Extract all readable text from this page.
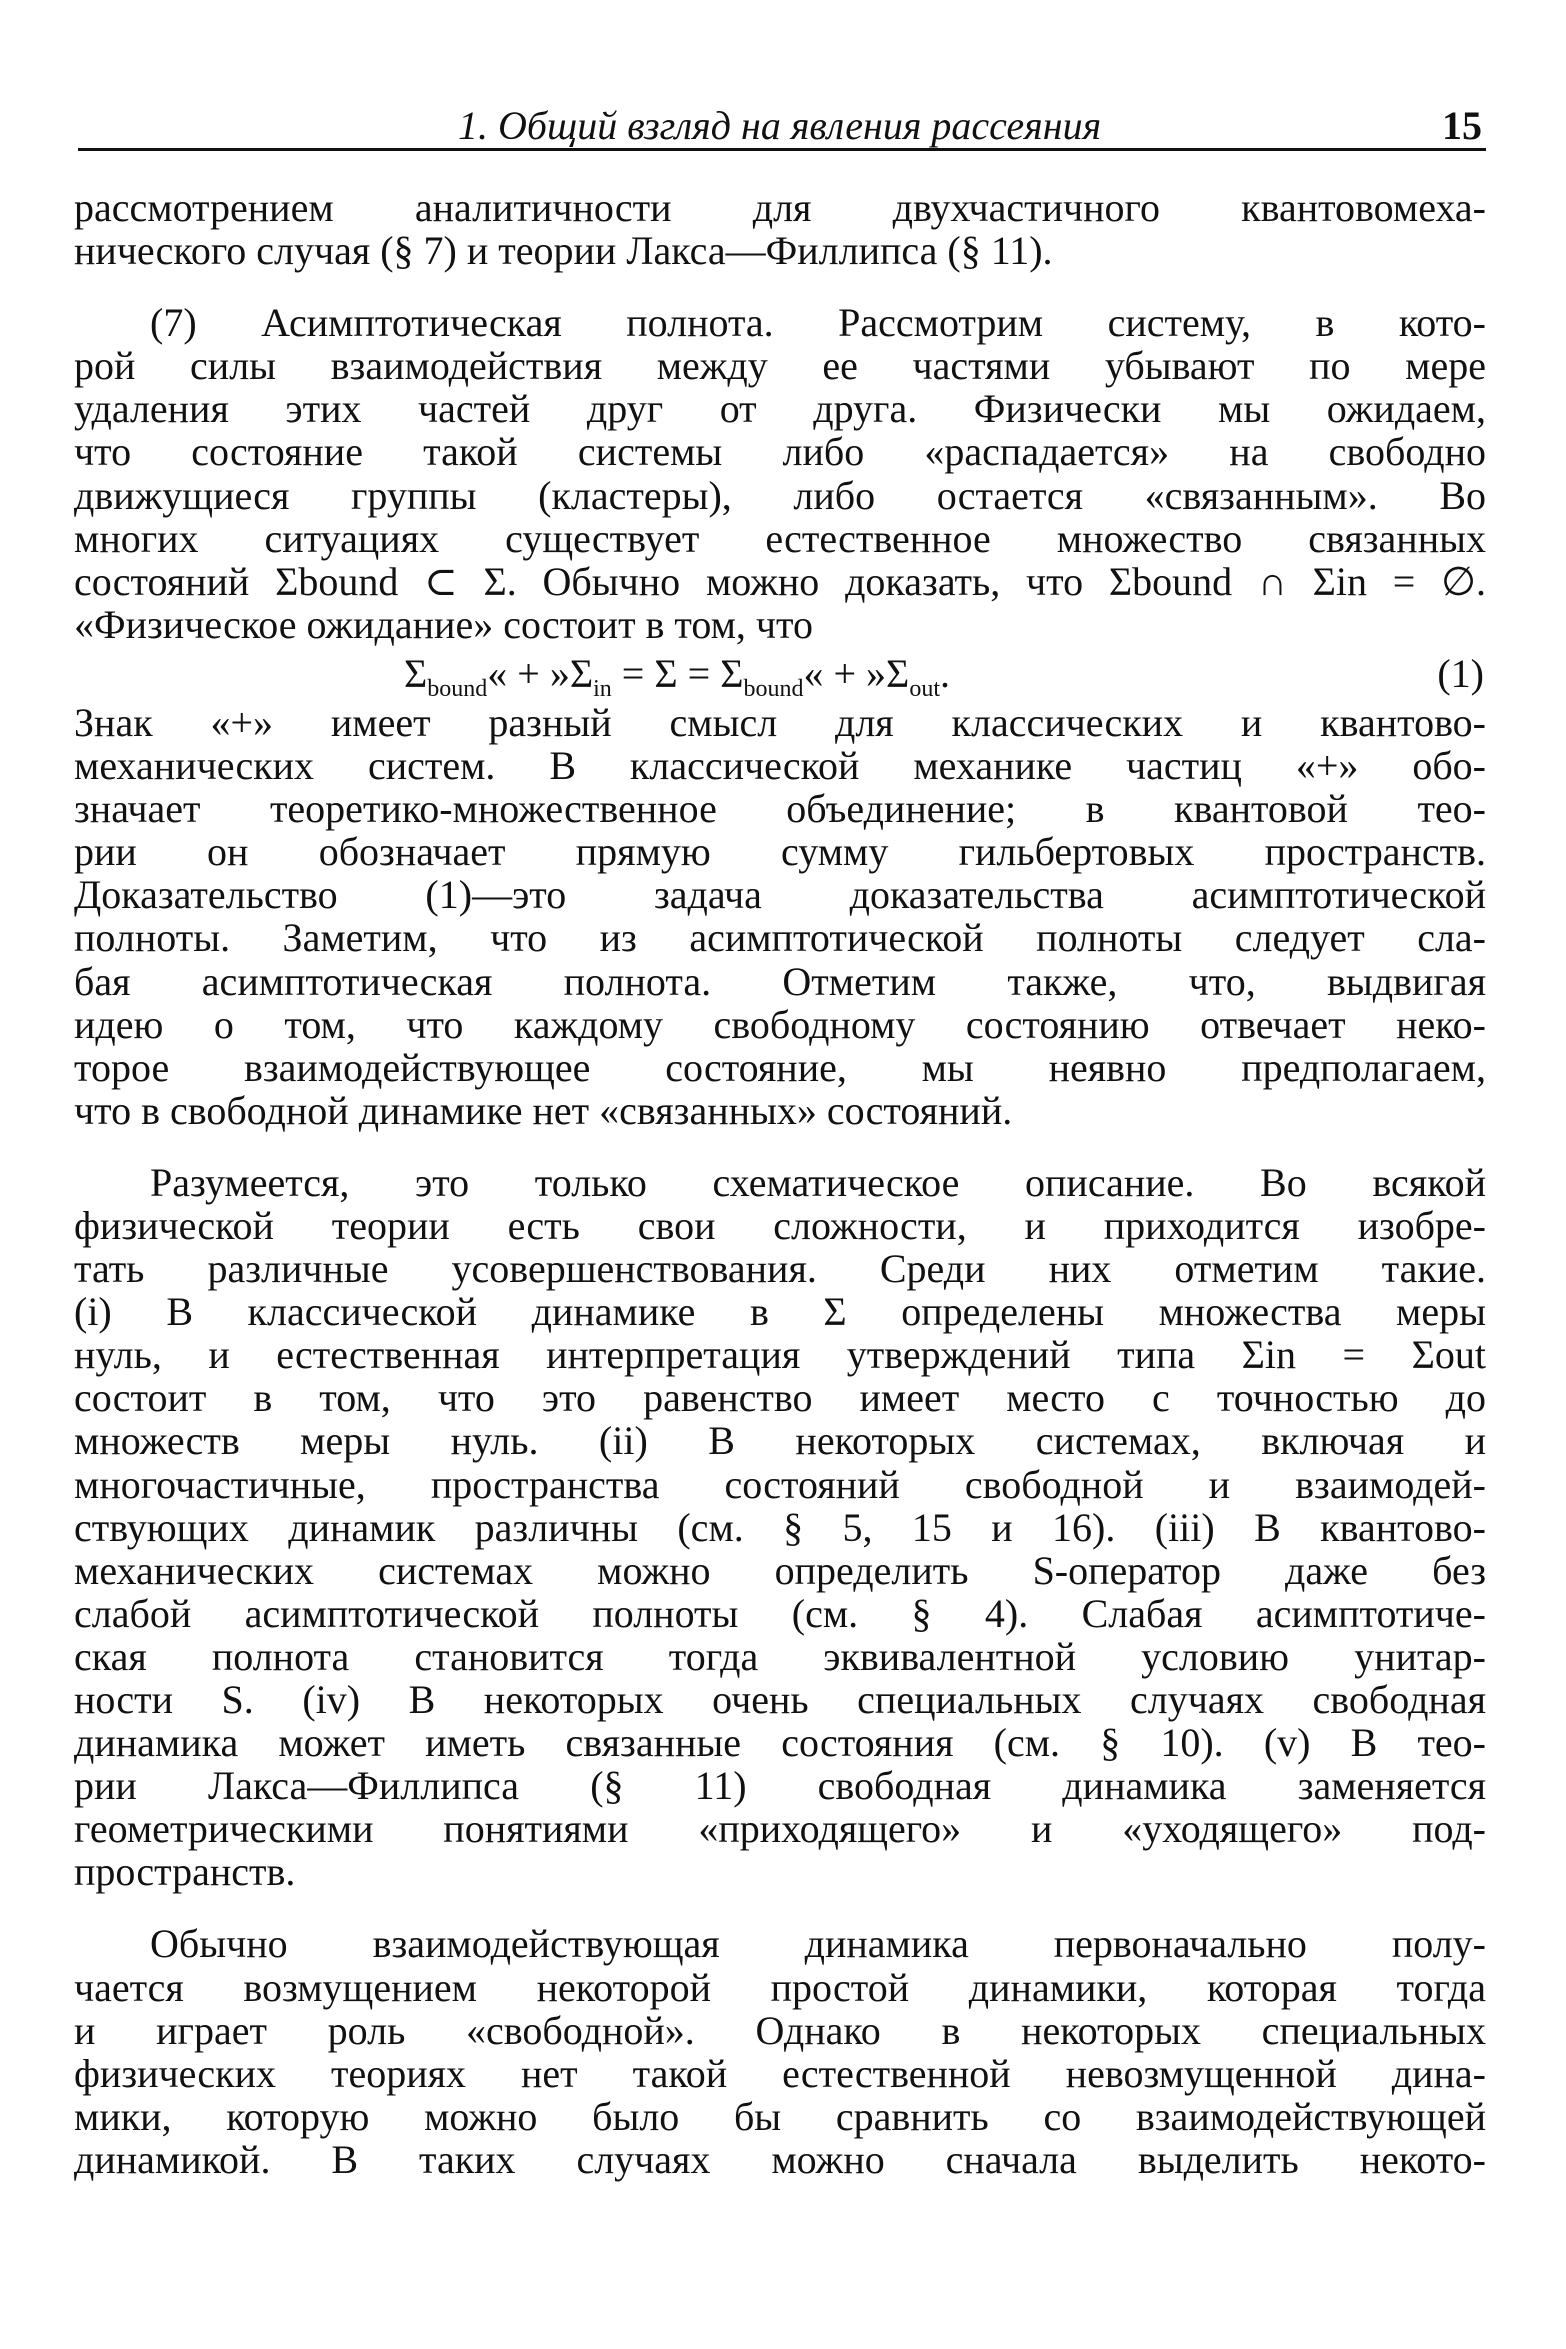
1. Общий взгляд на явления рассеяния	15
рассмотрением аналитичности для двухчастичного квантовомеха-
нического случая (§ 7) и теории Лакса—Филлипса (§ 11).
(7) Асимптотическая полнота. Рассмотрим систему, в кото-
рой силы взаимодействия между ее частями убывают по мере
удаления этих частей друг от друга. Физически мы ожидаем,
что состояние такой системы либо «распадается» на свободно
движущиеся группы (кластеры), либо остается «связанным». Во
многих ситуациях существует естественное множество связанных
состояний Σbound ⊂ Σ. Обычно можно доказать, что Σbound ∩ Σin = ∅.
«Физическое ожидание» состоит в том, что
$\Sigma_{bound}«$ + $»\Sigma_{in} = \Sigma$ = $\Sigma_{bound}«$ + $»\Sigma_{out}$.	(1)
Знак «+» имеет разный смысл для классических и квантово-
механических систем. В классической механике частиц «+» обо-
значает теоретико-множественное объединение; в квантовой тео-
рии он обозначает прямую сумму гильбертовых пространств.
Доказательство (1)—это задача доказательства асимптотической
полноты. Заметим, что из асимптотической полноты следует сла-
бая асимптотическая полнота. Отметим также, что, выдвигая
идею о том, что каждому свободному состоянию отвечает неко-
торое взаимодействующее состояние, мы неявно предполагаем,
что в свободной динамике нет «связанных» состояний.
Разумеется, это только схематическое описание. Во всякой
физической теории есть свои сложности, и приходится изобре-
тать различные усовершенствования. Среди них отметим такие.
(i) В классической динамике в Σ определены множества меры
нуль, и естественная интерпретация утверждений типа Σin = Σout
состоит в том, что это равенство имеет место с точностью до
множеств меры нуль. (ii) В некоторых системах, включая и
многочастичные, пространства состояний свободной и взаимодей-
ствующих динамик различны (см. § 5, 15 и 16). (iii) В квантово-
механических системах можно определить S-оператор даже без
слабой асимптотической полноты (см. § 4). Слабая асимптотиче-
ская полнота становится тогда эквивалентной условию унитар-
ности S. (iv) В некоторых очень специальных случаях свободная
динамика может иметь связанные состояния (см. § 10). (v) В тео-
рии Лакса—Филлипса (§ 11) свободная динамика заменяется
геометрическими понятиями «приходящего» и «уходящего» под-
пространств.
Обычно взаимодействующая динамика первоначально полу-
чается возмущением некоторой простой динамики, которая тогда
и играет роль «свободной». Однако в некоторых специальных
физических теориях нет такой естественной невозмущенной дина-
мики, которую можно было бы сравнить со взаимодействующей
динамикой. В таких случаях можно сначала выделить некото-
